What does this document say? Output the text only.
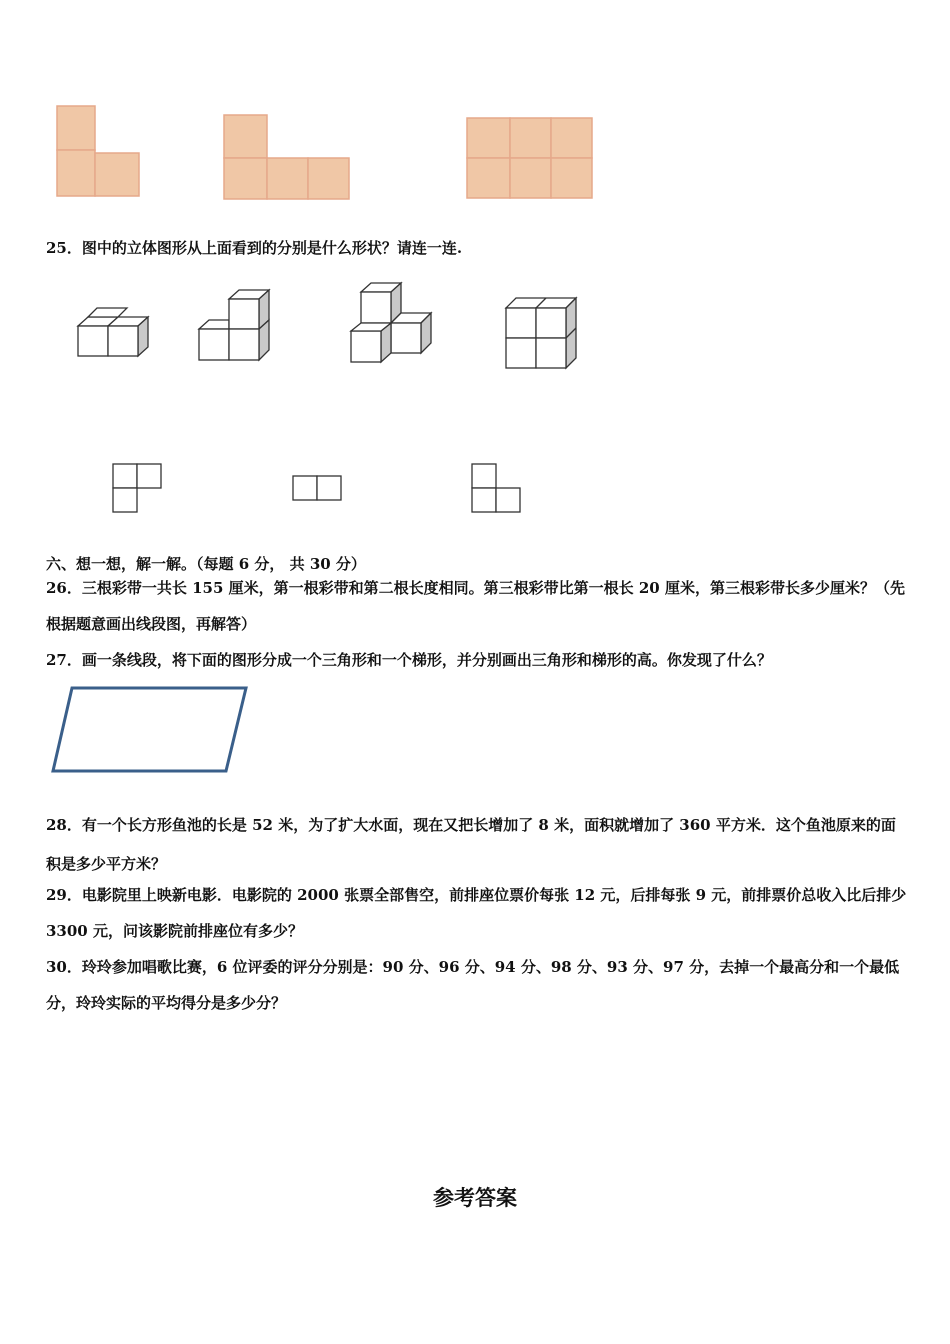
25．图中的立体图形从上面看到的分别是什么形状？请连一连.
六、想一想，解一解。（每题 6 分， 共 30 分）
26．三根彩带一共长 155 厘米，第一根彩带和第二根长度相同。第三根彩带比第一根长 20 厘米，第三根彩带长多少厘米？（先根据题意画出线段图，再解答）
27．画一条线段，将下面的图形分成一个三角形和一个梯形，并分别画出三角形和梯形的高。你发现了什么？
28．有一个长方形鱼池的长是 52 米，为了扩大水面，现在又把长增加了 8 米，面积就增加了 360 平方米．这个鱼池原来的面积是多少平方米？
29．电影院里上映新电影．电影院的 2000 张票全部售空，前排座位票价每张 12 元，后排每张 9 元，前排票价总收入比后排少 3300 元，问该影院前排座位有多少？
30．玲玲参加唱歌比赛，6 位评委的评分分别是：90 分、96 分、94 分、98 分、93 分、97 分，去掉一个最高分和一个最低分，玲玲实际的平均得分是多少分？
参考答案
